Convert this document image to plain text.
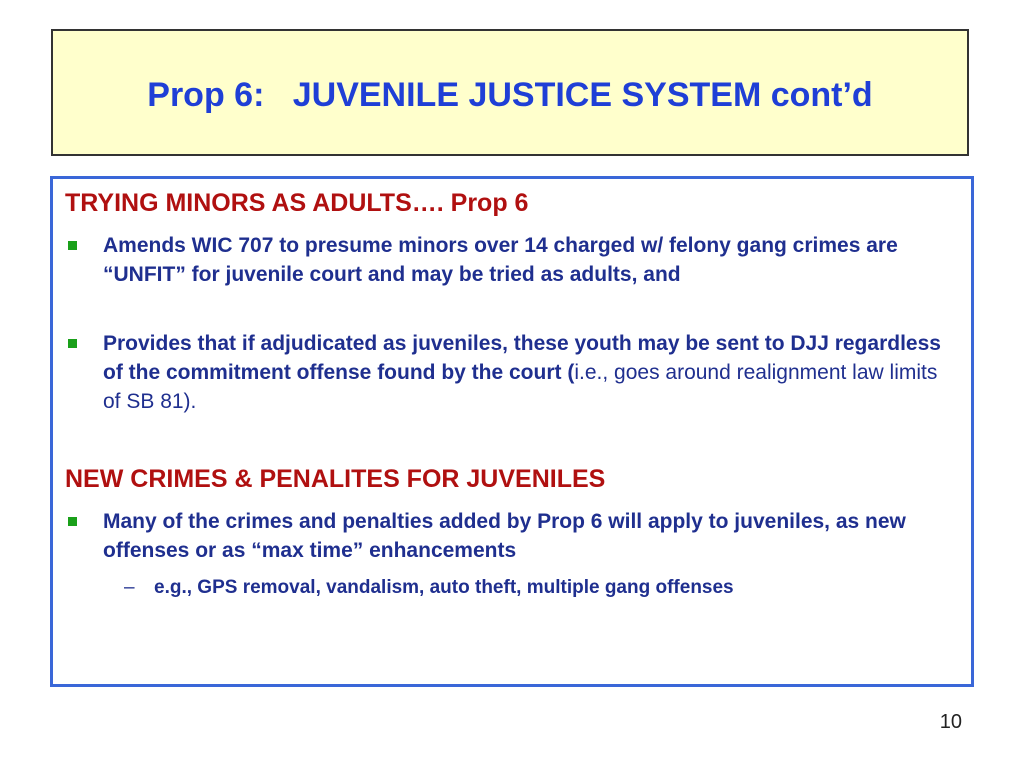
Prop 6:   JUVENILE JUSTICE SYSTEM cont’d
TRYING MINORS AS ADULTS…. Prop 6
Amends WIC 707 to presume minors over 14 charged w/ felony gang crimes are “UNFIT” for juvenile court and may be tried as adults, and
Provides that if adjudicated as juveniles, these youth may be sent to DJJ regardless of the commitment offense found by the court (i.e., goes around realignment law limits of SB 81).
NEW CRIMES & PENALITES FOR JUVENILES
Many of the crimes and penalties added by Prop 6 will apply to juveniles, as new offenses or as “max time” enhancements
– e.g., GPS removal, vandalism, auto theft, multiple gang offenses
10
